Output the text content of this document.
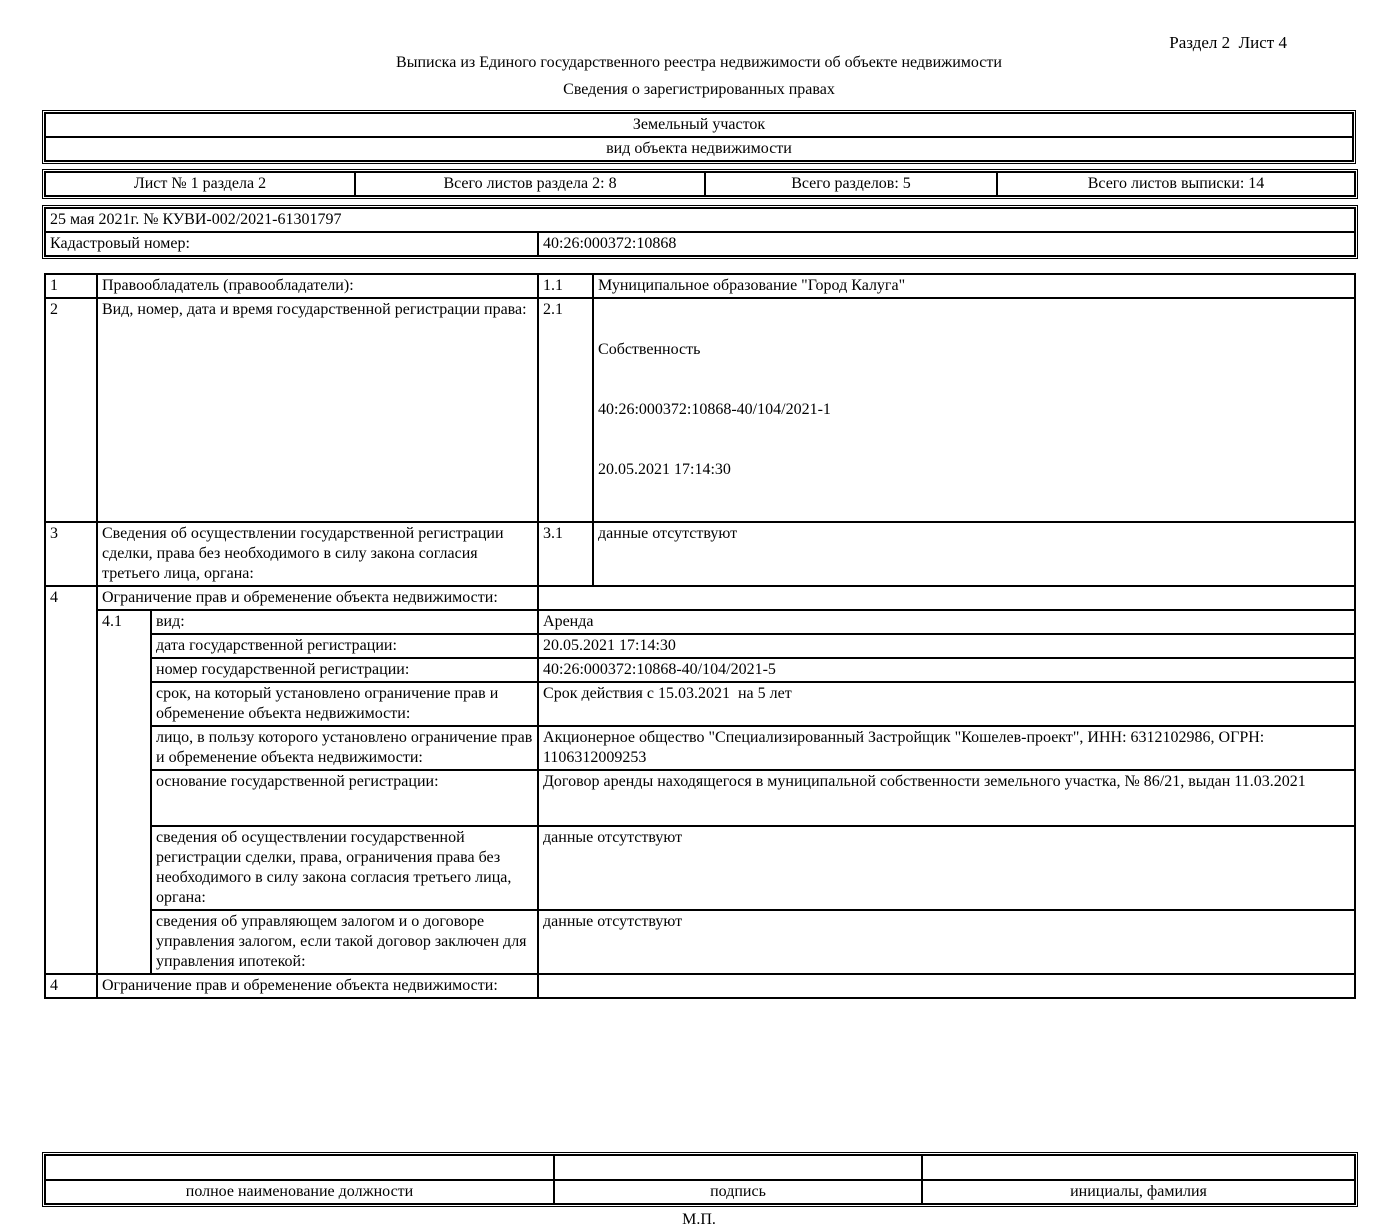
Раздел 2  Лист 4
Выписка из Единого государственного реестра недвижимости об объекте недвижимости
Сведения о зарегистрированных правах
Земельный участок
вид объекта недвижимости
Лист № 1 раздела 2	Всего листов раздела 2: 8	Всего разделов: 5	Всего листов выписки: 14
25 мая 2021г. № КУВИ-002/2021-61301797
Кадастровый номер:	40:26:000372:10868
1	Правообладатель (правообладатели):		1.1	Муниципальное образование "Город Калуга"
2	Вид, номер, дата и время государственной регистрации права:		2.1	Собственность

40:26:000372:10868-40/104/2021-1

20.05.2021 17:14:30

3	Сведения об осуществлении государственной регистрации сделки, права без необходимого в силу закона согласия третьего лица, органа:		3.1	данные отсутствуют
4	Ограничение прав и обременение объекта недвижимости:			
	4.1	вид:	Аренда	
		дата государственной регистрации:	20.05.2021 17:14:30	
		номер государственной регистрации:	40:26:000372:10868-40/104/2021-5	
		срок, на который установлено ограничение прав и обременение объекта недвижимости:	Срок действия с 15.03.2021  на 5 лет	
		лицо, в пользу которого установлено ограничение прав и обременение объекта недвижимости:	Акционерное общество "Специализированный Застройщик "Кошелев-проект", ИНН: 6312102986, ОГРН: 1106312009253	
		основание государственной регистрации:	Договор аренды находящегося в муниципальной собственности земельного участка, № 86/21, выдан 11.03.2021	
		сведения об осуществлении государственной регистрации сделки, права, ограничения права без необходимого в силу закона согласия третьего лица, органа:	данные отсутствуют	
		сведения об управляющем залогом и о договоре управления залогом, если такой договор заключен для управления ипотекой:	данные отсутствуют	
4	Ограничение прав и обременение объекта недвижимости:			

полное наименование должности	подпись	инициалы, фамилия
М.П.
